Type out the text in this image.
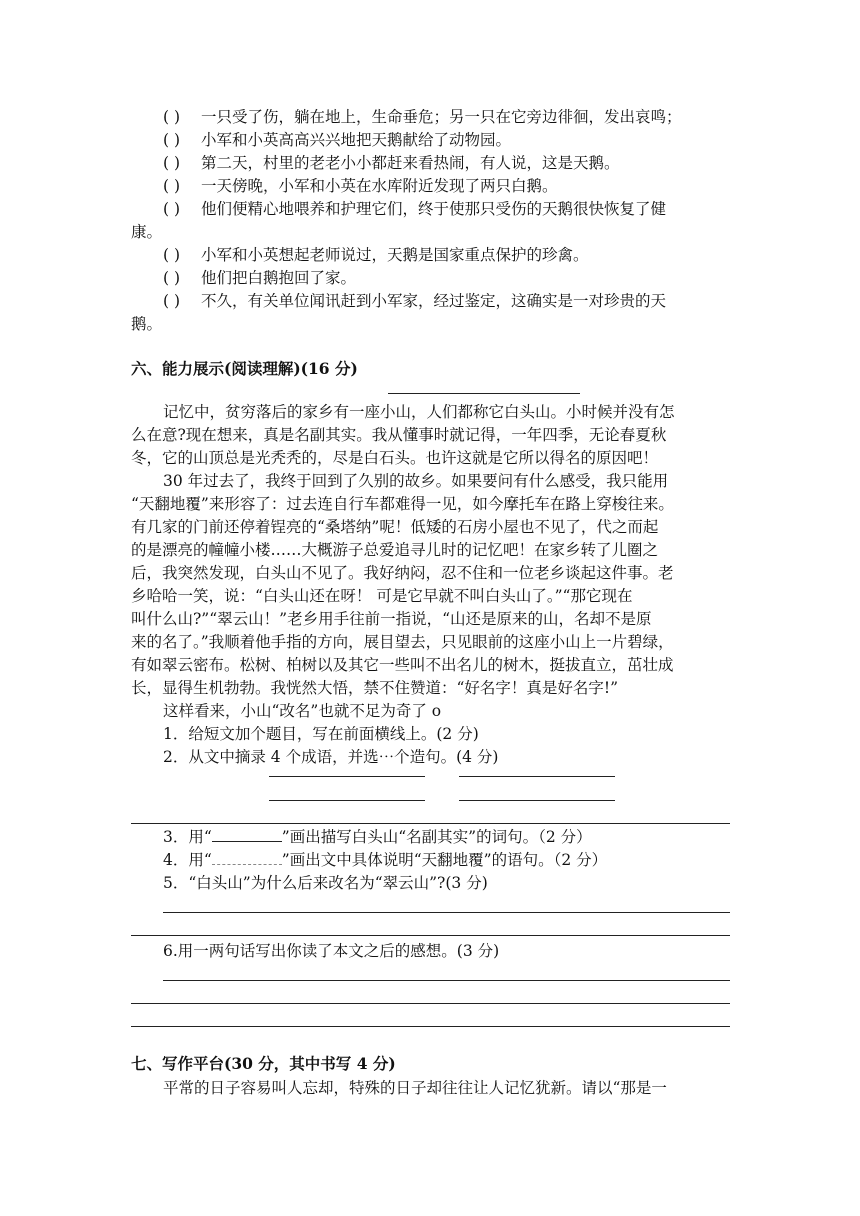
( ) 一只受了伤，躺在地上，生命垂危；另一只在它旁边徘徊，发出哀鸣；
( ) 小军和小英高高兴兴地把天鹅献给了动物园。
( ) 第二天，村里的老老小小都赶来看热闹，有人说，这是天鹅。
( ) 一天傍晚，小军和小英在水库附近发现了两只白鹅。
( ) 他们便精心地喂养和护理它们，终于使那只受伤的天鹅很快恢复了健
康。
( ) 小军和小英想起老师说过，天鹅是国家重点保护的珍禽。
( ) 他们把白鹅抱回了家。
( ) 不久，有关单位闻讯赶到小军家，经过鉴定，这确实是一对珍贵的天
鹅。
六、能力展示(阅读理解)(16 分)
记忆中，贫穷落后的家乡有一座小山，人们都称它白头山。小时候并没有怎
么在意?现在想来，真是名副其实。我从懂事时就记得，一年四季，无论春夏秋
冬，它的山顶总是光秃秃的，尽是白石头。也许这就是它所以得名的原因吧！
30 年过去了，我终于回到了久别的故乡。如果要问有什么感受，我只能用
“天翻地覆”来形容了：过去连自行车都难得一见，如今摩托车在路上穿梭往来。
有几家的门前还停着锃亮的“桑塔纳”呢！低矮的石房小屋也不见了，代之而起
的是漂亮的幢幢小楼……大概游子总爱追寻儿时的记忆吧！在家乡转了儿圈之
后，我突然发现，白头山不见了。我好纳闷，忍不住和一位老乡谈起这件事。老
乡哈哈一笑，说：“白头山还在呀！ 可是它早就不叫白头山了。”“那它现在
叫什么山?”“翠云山！”老乡用手往前一指说，“山还是原来的山，名却不是原
来的名了。”我顺着他手指的方向，展目望去，只见眼前的这座小山上一片碧绿，
有如翠云密布。松树、柏树以及其它一些叫不出名儿的树木，挺拔直立，茁壮成
长，显得生机勃勃。我恍然大悟，禁不住赞道：“好名字！真是好名字!”
这样看来，小山“改名”也就不足为奇了 o
1．给短文加个题目，写在前面横线上。(2 分)
2．从文中摘录 4 个成语，并选⋯个造句。(4 分)
3．用“	”画出描写白头山“名副其实”的词句。（2 分）
4．用“	”画出文中具体说明“天翻地覆”的语句。（2 分）
5．“白头山”为什么后来改名为“翠云山”?(3 分)
6.用一两句话写出你读了本文之后的感想。(3 分)
七、写作平台(30 分，其中书写 4 分)
平常的日子容易叫人忘却，特殊的日子却往往让人记忆犹新。请以“那是一
